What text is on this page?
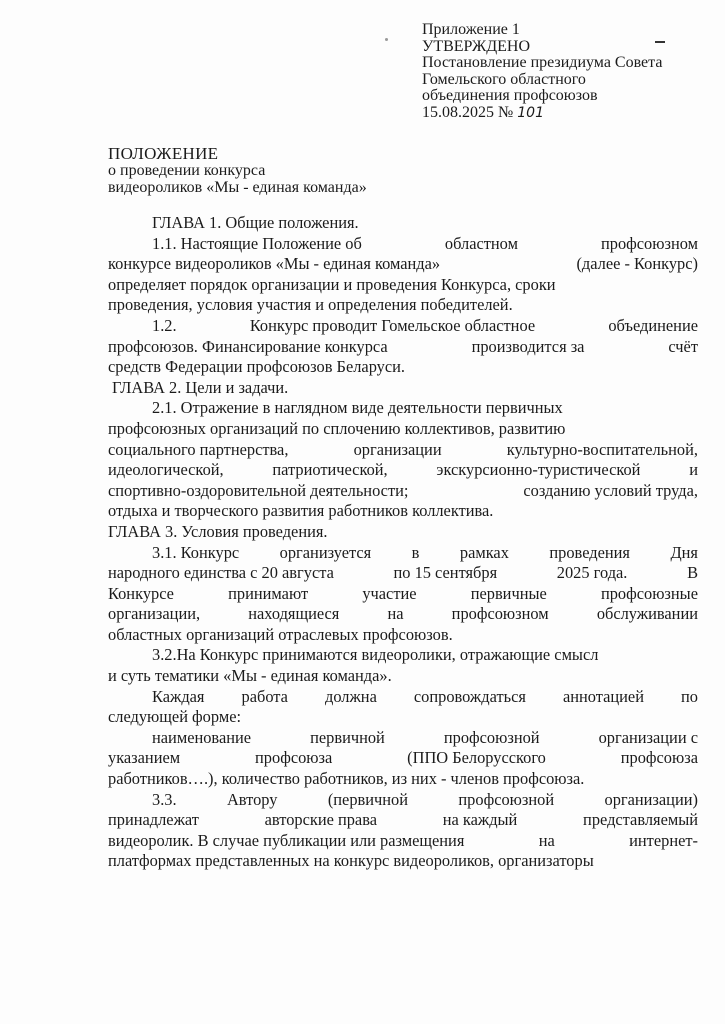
Приложение 1
УТВЕРЖДЕНО
Постановление президиума Совета
Гомельского областного
объединения профсоюзов
15.08.2025 № 101
ПОЛОЖЕНИЕ
о проведении конкурса
видеороликов «Мы - единая команда»
ГЛАВА 1. Общие положения.
1.1. Настоящие Положение об	областном	профсоюзном
конкурсе видеороликов «Мы - единая команда»	(далее - Конкурс)
определяет порядок организации и проведения Конкурса, сроки
проведения, условия участия и определения победителей.
1.2.	Конкурс проводит Гомельское областное	объединение
профсоюзов. Финансирование конкурса	производится за	счёт
средств Федерации профсоюзов Беларуси.
ГЛАВА 2. Цели и задачи.
2.1. Отражение в наглядном виде деятельности первичных
профсоюзных организаций по сплочению коллективов, развитию
социального партнерства,	организации	культурно-воспитательной,
идеологической,	патриотической,	экскурсионно-туристической	и
спортивно-оздоровительной деятельности;	созданию условий труда,
отдыха и творческого развития работников коллектива.
ГЛАВА 3. Условия проведения.
3.1. Конкурс организуется в рамках проведения Дня
народного единства с 20 августа	по 15 сентября	2025 года.	В
Конкурсе	принимают	участие	первичные	профсоюзные
организации,	находящиеся	на	профсоюзном	обслуживании
областных организаций отраслевых профсоюзов.
3.2.На Конкурс принимаются видеоролики, отражающие смысл
и суть тематики «Мы - единая команда».
Каждая работа должна сопровождаться аннотацией по
следующей форме:
наименование	первичной	профсоюзной	организации с
указанием	профсоюза	(ППО Белорусского	профсоюза
работников….), количество работников, из них - членов профсоюза.
3.3.	Автору	(первичной	профсоюзной	организации)
принадлежат	авторские права	на каждый	представляемый
видеоролик. В случае публикации или размещения	на	интернет-
платформах представленных на конкурс видеороликов, организаторы
